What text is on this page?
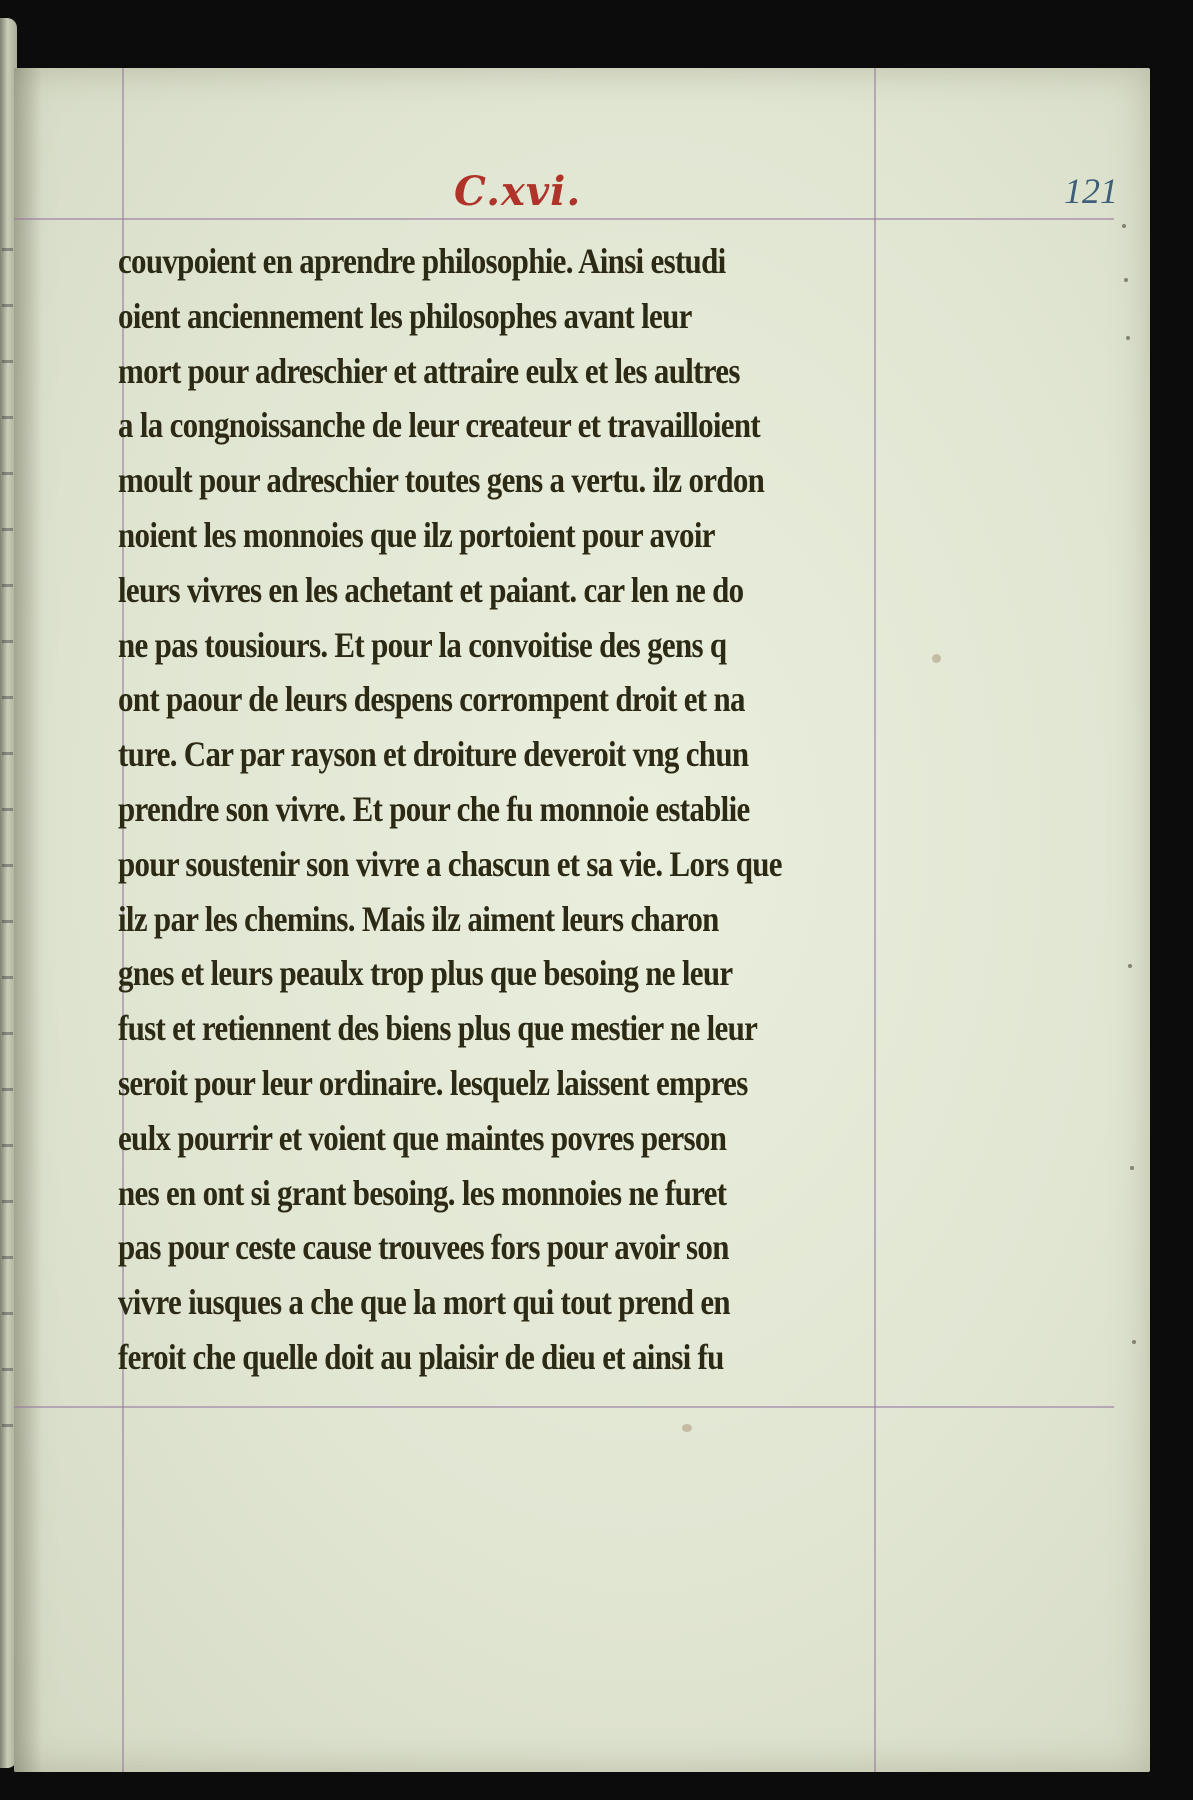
C.xvi.	121
couvpoient en aprendre philosophie. Ainsi estudi
oient anciennement les philosophes avant leur
mort pour adreschier et attraire eulx et les aultres
a la congnoissanche de leur createur et travailloient
moult pour adreschier toutes gens a vertu. ilz ordon
noient les monnoies que ilz portoient pour avoir
leurs vivres en les achetant et paiant. car len ne do
ne pas tousiours. Et pour la convoitise des gens q
ont paour de leurs despens corrompent droit et na
ture. Car par rayson et droiture deveroit vng chun
prendre son vivre. Et pour che fu monnoie establie
pour soustenir son vivre a chascun et sa vie. Lors que
ilz par les chemins. Mais ilz aiment leurs charon
gnes et leurs peaulx trop plus que besoing ne leur
fust et retiennent des biens plus que mestier ne leur
seroit pour leur ordinaire. lesquelz laissent empres
eulx pourrir et voient que maintes povres person
nes en ont si grant besoing. les monnoies ne furet
pas pour ceste cause trouvees fors pour avoir son
vivre iusques a che que la mort qui tout prend en
feroit che quelle doit au plaisir de dieu et ainsi fu
